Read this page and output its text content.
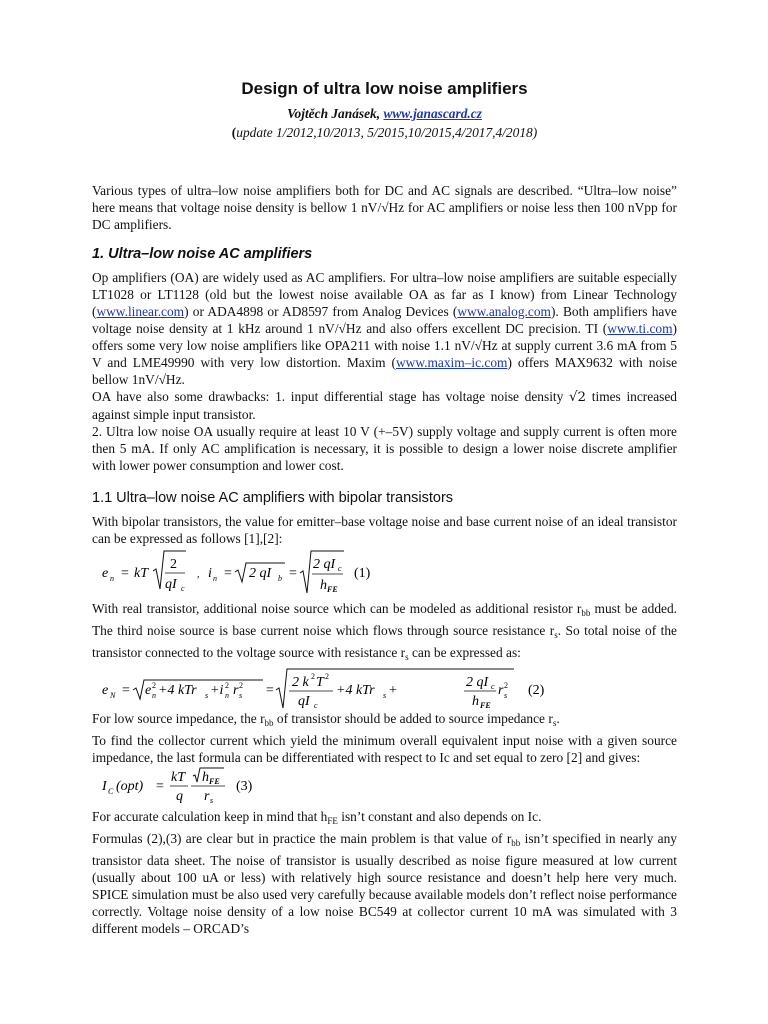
Design of ultra low noise amplifiers
Vojtěch Janásek, www.janascard.cz
(update 1/2012,10/2013, 5/2015,10/2015,4/2017,4/2018)

Various types of ultra–low noise amplifiers both for DC and AC signals are described. “Ultra–low noise” here means that voltage noise density is bellow 1 nV/√Hz for AC amplifiers or noise less then 100 nVpp for DC amplifiers.

1. Ultra–low noise AC amplifiers

Op amplifiers (OA) are widely used as AC amplifiers. For ultra–low noise amplifiers are suitable especially LT1028 or LT1128 (old but the lowest noise available OA as far as I know) from Linear Technology (www.linear.com) or ADA4898 or AD8597 from Analog Devices (www.analog.com). Both amplifiers have voltage noise density at 1 kHz around 1 nV/√Hz and also offers excellent DC precision. TI (www.ti.com) offers some very low noise amplifiers like OPA211 with noise 1.1 nV/√Hz at supply current 3.6 mA from 5 V and LME49990 with very low distortion. Maxim (www.maxim–ic.com) offers MAX9632 with noise bellow 1nV/√Hz.

OA have also some drawbacks: 1. input differential stage has voltage noise density √2 times increased against simple input transistor.

2. Ultra low noise OA usually require at least 10 V (+–5V) supply voltage and supply current is often more then 5 mA. If only AC amplification is necessary, it is possible to design a lower noise discrete amplifier with lower power consumption and lower cost.

1.1 Ultra–low noise AC amplifiers with bipolar transistors

With bipolar transistors, the value for emitter–base voltage noise and base current noise of an ideal transistor can be expressed as follows [1],[2]:

e n = kT
2
qI c
, i n = 2 qI b =
2 qI c
h FE
(1)

With real transistor, additional noise source which can be modeled as additional resistor $r_{bb}$ must be added. The third noise source is base current noise which flows through source resistance $r_s$. So total noise of the transistor connected to the voltage source with resistance $r_s$ can be expressed as:

e N = e n
2 +4 kTr s +i n
2 r s
2 =
2 k 2 T 2
qI c
+4 kTr s +
2 qI c
h FE
r s
2 (2)

For low source impedance, the $r_{bb}$ of transistor should be added to source impedance $r_s$.

To find the collector current which yield the minimum overall equivalent input noise with a given source impedance, the last formula can be differentiated with respect to Ic and set equal to zero [2] and gives:

I C (opt) =
kT
q
h FE
r s
(3)

For accurate calculation keep in mind that $h_{FE}$ isn’t constant and also depends on Ic.

Formulas (2),(3) are clear but in practice the main problem is that value of $r_{bb}$ isn’t specified in nearly any transistor data sheet. The noise of transistor is usually described as noise figure measured at low current (usually about 100 uA or less) with relatively high source resistance and doesn’t help here very much. SPICE simulation must be also used very carefully because available models don’t reflect noise performance correctly. Voltage noise density of a low noise BC549 at collector current 10 mA was simulated with 3 different models – ORCAD’s
